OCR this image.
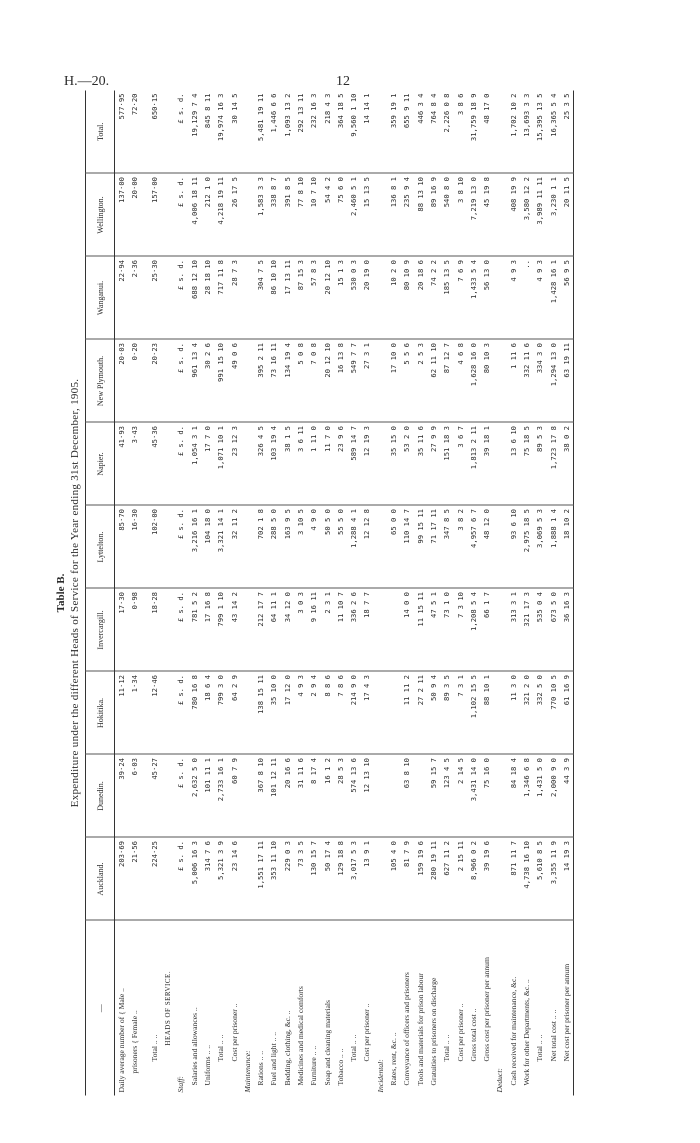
H.—20.	12
Table B. Expenditure under the different Heads of Service for the Year ending 31st December, 1905.
—	Auckland.	Dunedin.	Hokitika.	Invercargill.	Lyttelton.	Napier.	New Plymouth.	Wanganui.	Wellington.	Total.
Daily average number of { Male ..	203·69	39·24	11·12	17·30	85·70	41·93	20·03	22·94	137·00	577·95
prisoners { Female ..	21·56	6·03	1·34	0·98	16·30	3·43	0·20	2·36	20·00	72·20

Total .. ..	224·25	45·27	12·46	18·28	102·00	45·36	20·23	25·30	157·00	650·15
HEADS OF SERVICE.										
Staff:	£ s. d.	£ s. d.	£ s. d.	£ s. d.	£ s. d.	£ s. d.	£ s. d.	£ s. d.	£ s. d.	£ s. d.
Salaries and allowances ..	5,006 16 3	2,632 5 0	780 16 8	781 5 2	3,216 16 1	1,054 3 1	961 13 4	688 12 10	4,006 18 11	19,129 7 4
Uniforms .. ..	314 7 6	101 11 1	18 6 4	17 16 8	104 18 0	17 7 0	30 2 6	28 18 10	212 1 0	845 8 11
Total .. ..	5,321 3 9	2,733 16 1	799 3 0	799 1 10	3,321 14 1	1,071 10 1	991 15 10	717 11 8	4,218 19 11	19,974 16 3
Cost per prisoner ..	23 14 6	60 7 9	64 2 9	43 14 2	32 11 2	23 12 3	49 0 6	28 7 3	26 17 5	30 14 5
Maintenance:										
Rations .. ..	1,551 17 11	367 8 10	138 15 11	212 17 7	702 1 8	326 4 5	395 2 11	304 7 5	1,583 3 3	5,481 19 11
Fuel and light .. ..	353 11 10	101 12 11	35 10 0	64 11 1	288 5 0	103 19 4	73 16 11	86 10 10	338 8 7	1,446 6 6
Bedding, clothing, &c. ..	229 0 3	20 16 6	17 12 0	34 12 0	163 9 5	38 1 5	134 19 4	17 13 11	391 8 5	1,093 13 2
Medicines and medical comforts	73 3 5	31 11 6	4 9 3	3 0 3	3 10 5	3 6 11	5 0 8	87 15 3	77 8 10	292 13 11
Furniture .. ..	130 15 7	8 17 4	2 9 4	9 16 11	4 9 0	1 11 0	7 0 8	57 8 3	10 7 10	232 16 3
Soap and cleaning materials	50 17 4	16 1 2	8 8 6	2 3 1	50 5 0	11 7 0	20 12 10	20 12 10	54 4 2	218 4 3
Tobacco .. ..	129 18 8	28 5 3	7 8 6	11 10 7	55 5 0	23 9 6	16 13 8	15 1 3	75 6 0	364 18 5
Total .. ..	3,017 5 3	574 13 6	214 9 0	336 2 6	1,288 4 1	589 14 7	549 7 7	530 0 3	2,460 5 1	9,560 1 10
Cost per prisoner ..	13 9 1	12 13 10	17 4 3	18 7 7	12 12 8	12 19 3	27 3 1	20 19 0	15 13 5	14 14 1
Incidental:										
Rates, rent, &c. ..	105 4 0				65 0 0	35 15 0	17 10 0	10 2 0	136 8 1	359 19 1
Conveyance of officers and prisoners	81 7 9	63 8 10	11 11 2	14 0 0	110 14 7	53 2 0	5 5 6	80 10 9	235 9 4	655 9 11
Tools and materials for prison labour	159 19 6		27 2 11	11 15 11	99 15 11	35 11 6	2 5 3	20 18 6	88 13 10	446 3 4
Gratuities to prisoners on discharge	280 19 11	59 15 7	50 9 4	47 5 1	71 17 11	27 9 9	62 11 10	74 2 2	89 16 9	764 8 4
Total .. ..	627 11 2	123 4 5	89 3 5	73 1 0	347 8 5	151 18 3	87 12 7	185 13 5	540 8 0	2,226 0 8
Cost per prisoner ..	2 15 11	2 14 5	7 3 1	7 3 10	3 8 2	3 6 7	4 6 8	7 6 9	3 8 10	3 8 6
Gross total cost ..	8,966 0 2	3,431 14 0	1,102 15 5	1,208 5 4	4,957 6 7	1,813 2 11	1,628 16 0	1,433 5 4	7,219 13 0	31,759 18 9
Gross cost per prisoner per annum	39 19 6	75 16 0	88 10 1	66 1 7	48 12 0	39 18 1	80 10 3	56 13 0	45 19 8	48 17 0
Deduct:										
Cash received for maintenance, &c.	871 11 7	84 18 4	11 3 0	313 3 1	93 6 10	13 6 10	1 11 6	4 9 3	408 19 9	1,702 10 2
Work for other Departments, &c. ..	4,738 16 10	1,346 6 8	321 2 0	321 17 3	2,975 18 5	75 18 5	332 11 6	..	3,580 12 2	13,693 3 3
Total .. ..	5,610 8 5	1,431 5 0	332 5 0	535 0 4	3,069 5 3	89 5 3	334 3 0	4 9 3	3,989 11 11	15,395 13 5
Net total cost .. ..	3,355 11 9	2,000 9 0	770 10 5	673 5 0	1,888 1 4	1,723 17 8	1,294 13 0	1,428 16 1	3,230 1 1	16,365 5 4
Net cost per prisoner per annum	14 19 3	44 3 9	61 16 9	36 16 3	18 10 2	38 0 2	63 19 11	56 9 5	20 11 5	25 3 5
